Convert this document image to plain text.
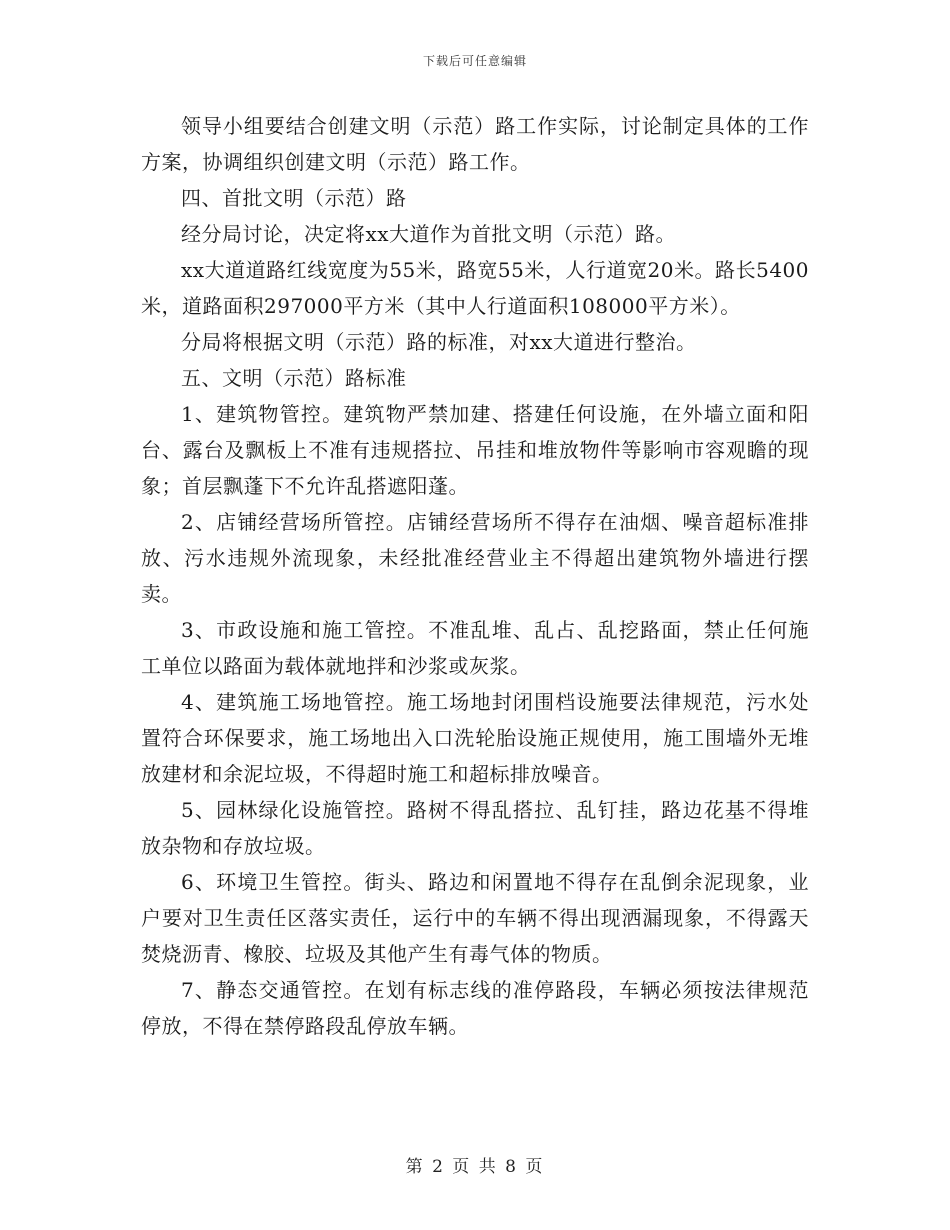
下载后可任意编辑

领导小组要结合创建文明（示范）路工作实际，讨论制定具体的工作方案，协调组织创建文明（示范）路工作。

四、首批文明（示范）路

经分局讨论，决定将xx大道作为首批文明（示范）路。

xx大道道路红线宽度为55米，路宽55米，人行道宽20米。路长5400米，道路面积297000平方米（其中人行道面积108000平方米）。

分局将根据文明（示范）路的标准，对xx大道进行整治。

五、文明（示范）路标准

1、建筑物管控。建筑物严禁加建、搭建任何设施，在外墙立面和阳台、露台及飘板上不准有违规搭拉、吊挂和堆放物件等影响市容观瞻的现象；首层飘蓬下不允许乱搭遮阳蓬。

2、店铺经营场所管控。店铺经营场所不得存在油烟、噪音超标准排放、污水违规外流现象，未经批准经营业主不得超出建筑物外墙进行摆卖。

3、市政设施和施工管控。不准乱堆、乱占、乱挖路面，禁止任何施工单位以路面为载体就地拌和沙浆或灰浆。

4、建筑施工场地管控。施工场地封闭围档设施要法律规范，污水处置符合环保要求，施工场地出入口洗轮胎设施正规使用，施工围墙外无堆放建材和余泥垃圾，不得超时施工和超标排放噪音。

5、园林绿化设施管控。路树不得乱搭拉、乱钉挂，路边花基不得堆放杂物和存放垃圾。

6、环境卫生管控。街头、路边和闲置地不得存在乱倒余泥现象，业户要对卫生责任区落实责任，运行中的车辆不得出现洒漏现象，不得露天焚烧沥青、橡胶、垃圾及其他产生有毒气体的物质。

7、静态交通管控。在划有标志线的准停路段，车辆必须按法律规范停放，不得在禁停路段乱停放车辆。

第 2 页 共 8 页
